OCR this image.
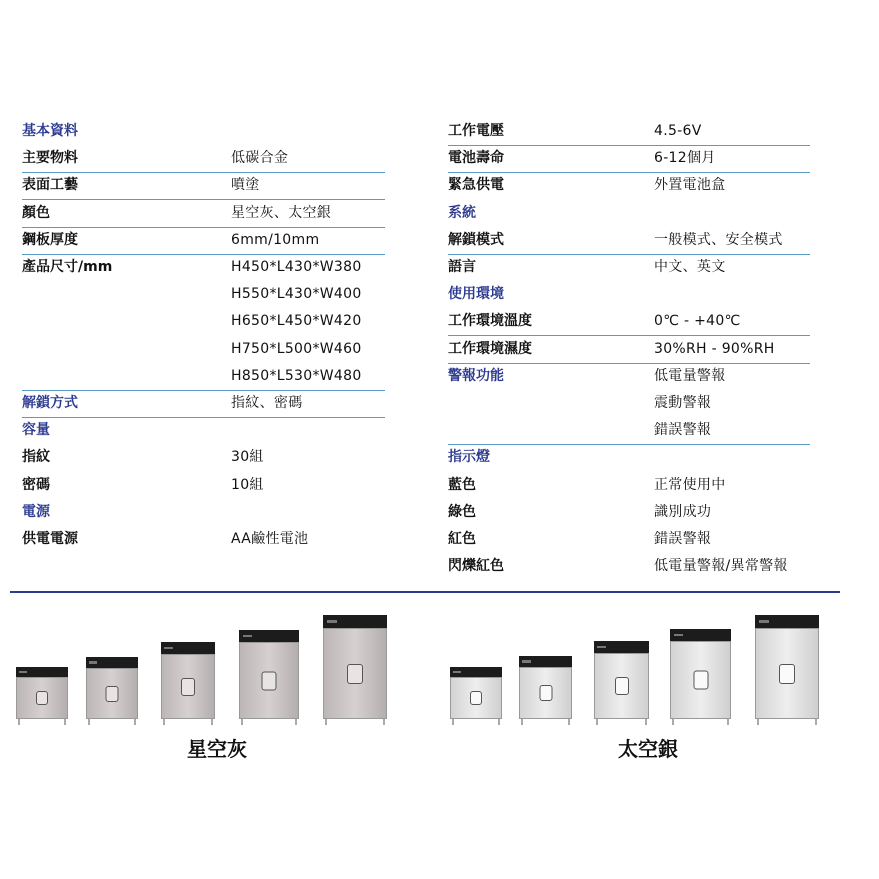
基本資料
主要物料	低碳合金
表面工藝	噴塗
顏色	星空灰、太空銀
鋼板厚度	6mm/10mm
產品尺寸/mm	H450*L430*W380
H550*L430*W400
H650*L450*W420
H750*L500*W460
H850*L530*W480
解鎖方式	指紋、密碼
容量
指紋	30組
密碼	10組
電源
供電電源	AA鹼性電池
工作電壓	4.5-6V
電池壽命	6-12個月
緊急供電	外置電池盒
系統
解鎖模式	一般模式、安全模式
語言	中文、英文
使用環境
工作環境溫度	0℃ - +40℃
工作環境濕度	30%RH - 90%RH
警報功能	低電量警報
震動警報
錯誤警報
指示燈
藍色	正常使用中
綠色	識別成功
紅色	錯誤警報
閃爍紅色	低電量警報/異常警報
星空灰	太空銀
